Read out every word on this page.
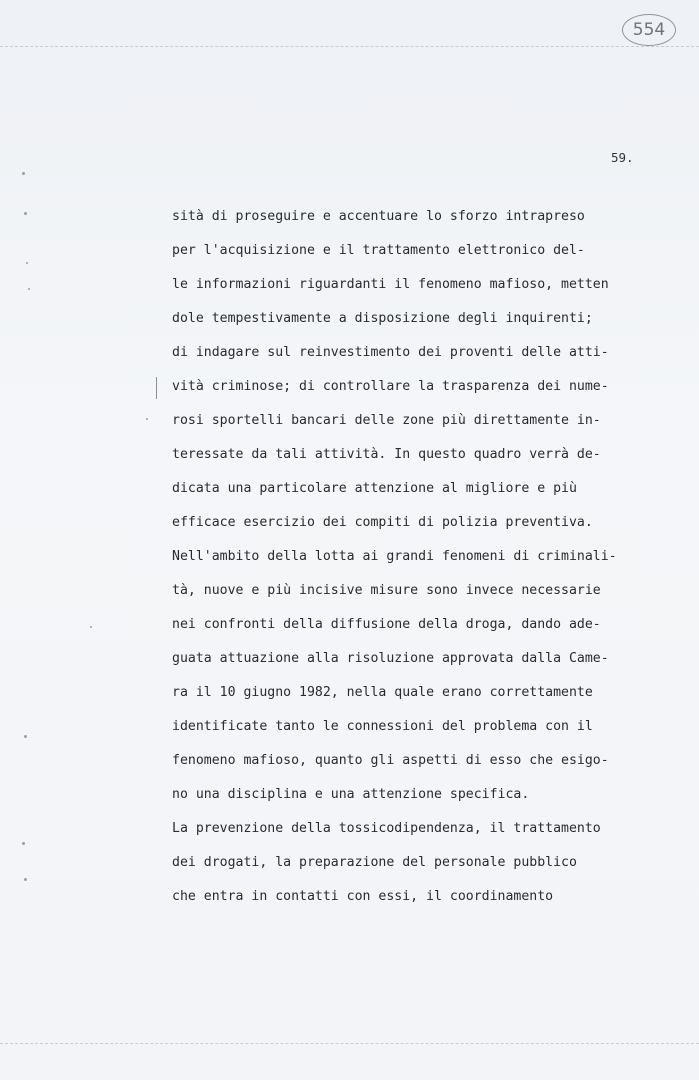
554
59.
sità di proseguire e accentuare lo sforzo intrapreso
per l'acquisizione e il trattamento elettronico del-
le informazioni riguardanti il fenomeno mafioso, metten
dole tempestivamente a disposizione degli inquirenti;
di indagare sul reinvestimento dei proventi delle atti-
vità criminose; di controllare la trasparenza dei nume-
rosi sportelli bancari delle zone più direttamente in-
teressate da tali attività. In questo quadro verrà de-
dicata una particolare attenzione al migliore e più
efficace esercizio dei compiti di polizia preventiva.
Nell'ambito della lotta ai grandi fenomeni di criminali-
tà, nuove e più incisive misure sono invece necessarie
nei confronti della diffusione della droga, dando ade-
guata attuazione alla risoluzione approvata dalla Came-
ra il 10 giugno 1982, nella quale erano correttamente
identificate tanto le connessioni del problema con il
fenomeno mafioso, quanto gli aspetti di esso che esigo-
no una disciplina e una attenzione specifica.
La prevenzione della tossicodipendenza, il trattamento
dei drogati, la preparazione del personale pubblico
che entra in contatti con essi, il coordinamento
